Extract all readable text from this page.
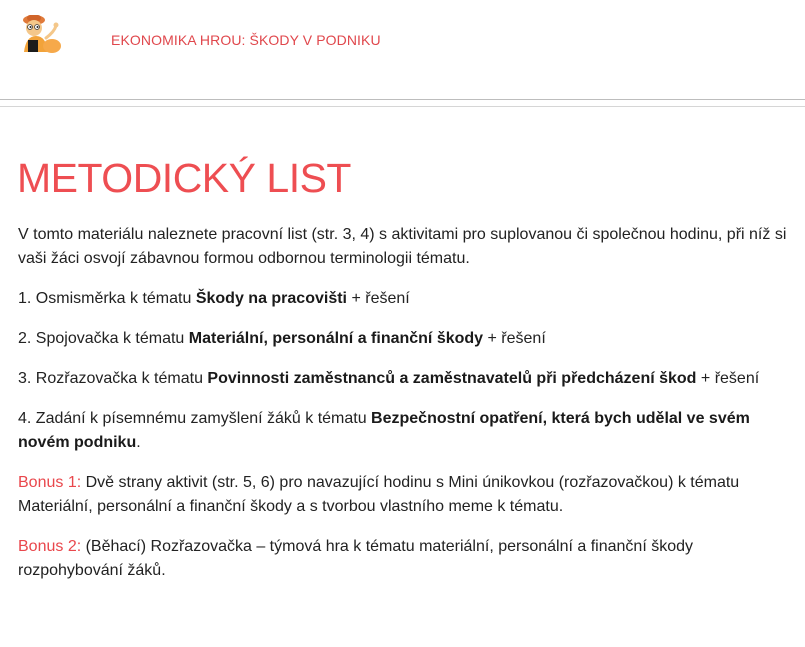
EKONOMIKA HROU: ŠKODY V PODNIKU
METODICKÝ LIST

V tomto materiálu naleznete pracovní list (str. 3, 4) s aktivitami pro suplovanou či společnou hodinu, při níž si vaši žáci osvojí zábavnou formou odbornou terminologii tématu.

1. Osmisměrka k tématu Škody na pracovišti + řešení

2. Spojovačka k tématu Materiální, personální a finanční škody + řešení

3. Rozřazovačka k tématu Povinnosti zaměstnanců a zaměstnavatelů při předcházení škod + řešení

4. Zadání k písemnému zamyšlení žáků k tématu Bezpečnostní opatření, která bych udělal ve svém novém podniku.

Bonus 1: Dvě strany aktivit (str. 5, 6) pro navazující hodinu s Mini únikovkou (rozřazovačkou) k tématu Materiální, personální a finanční škody a s tvorbou vlastního meme k tématu.

Bonus 2: (Běhací) Rozřazovačka – týmová hra k tématu materiální, personální a finanční škody rozpohybování žáků.
